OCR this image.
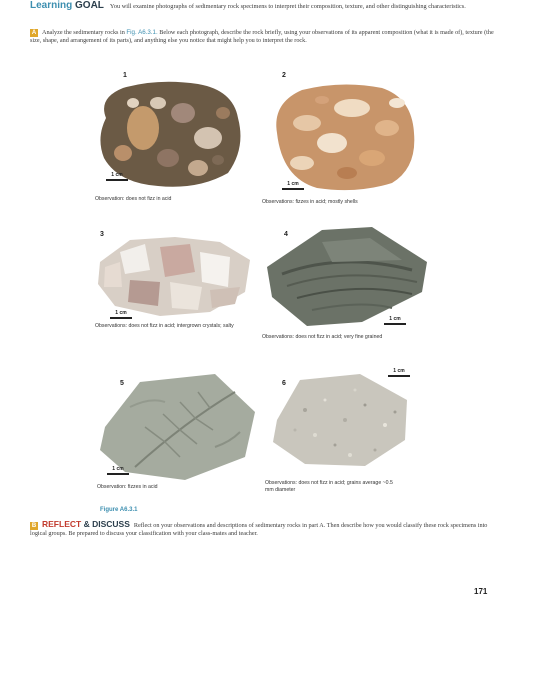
Learning GOAL You will examine photographs of sedimentary rock specimens to interpret their composition, texture, and other distinguishing characteristics.
A Analyze the sedimentary rocks in Fig. A6.3.1. Below each photograph, describe the rock briefly, using your observations of its apparent composition (what it is made of), texture (the size, shape, and arrangement of its parts), and anything else you notice that might help you to interpret the rock.
1
1 cm
Observation: does not fizz in acid
2
1 cm
Observations: fizzes in acid; mostly shells
3
1 cm
Observations: does not fizz in acid; intergrown crystals; salty
4
1 cm
Observations: does not fizz in acid; very fine grained
5
1 cm
Observation: fizzes in acid
6
1 cm
Observations: does not fizz in acid; grains average ~0.5 mm diameter
Figure A6.3.1
B REFLECT & DISCUSS Reflect on your observations and descriptions of sedimentary rocks in part A. Then describe how you would classify these rock specimens into logical groups. Be prepared to discuss your classification with your class-mates and teacher.
171
